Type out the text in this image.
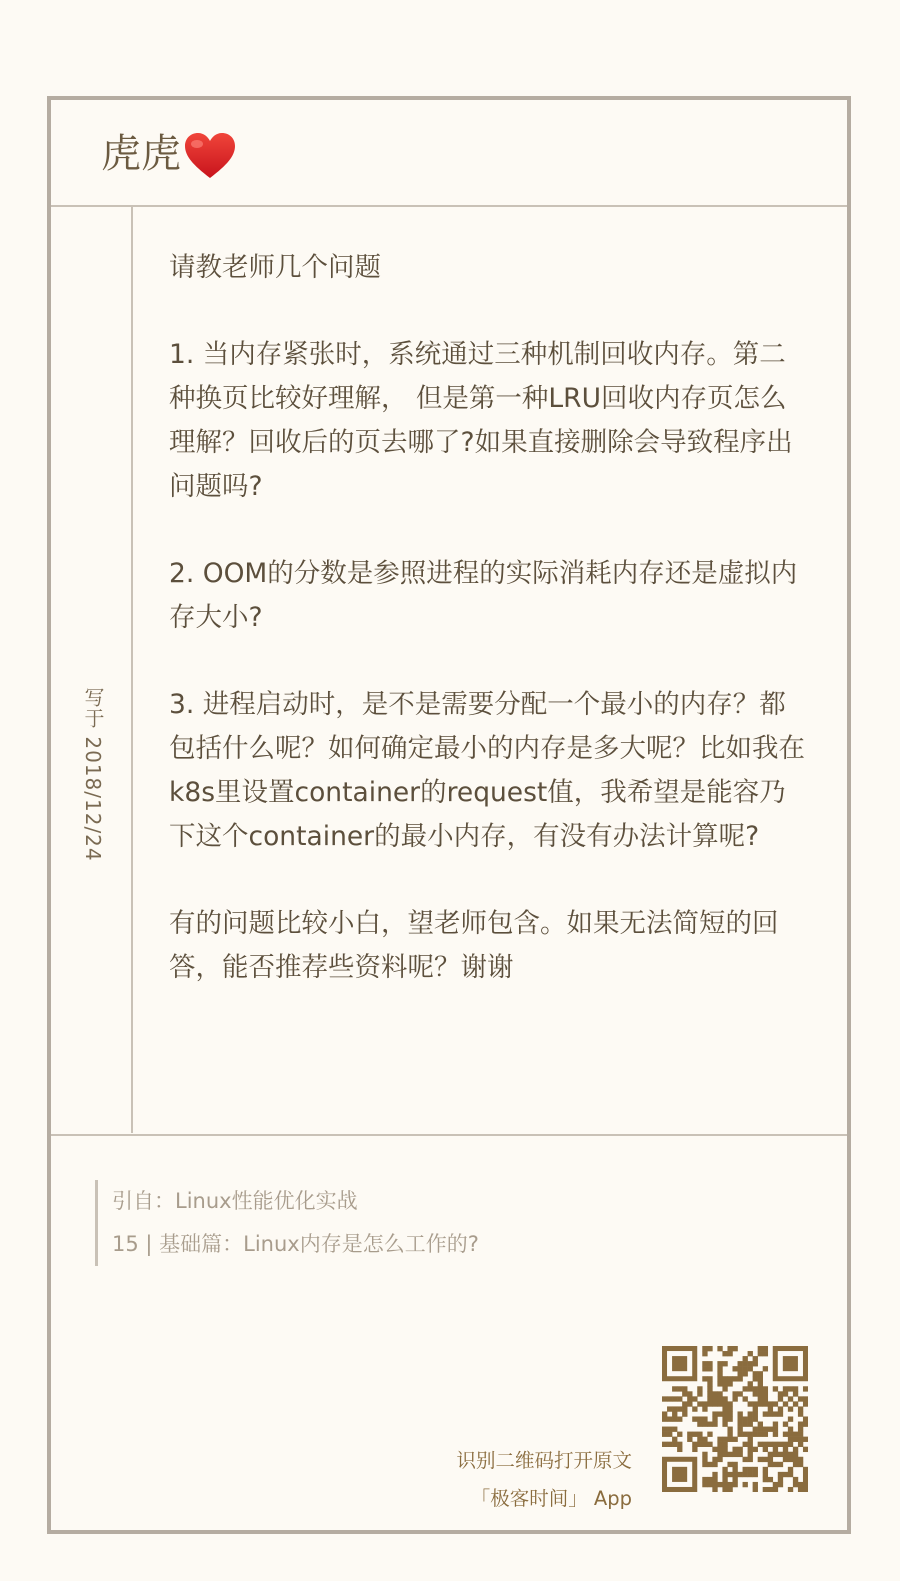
虎虎
写于 2018/12/24

请教老师几个问题

1. 当内存紧张时，系统通过三种机制回收内存。第二种换页比较好理解， 但是第一种LRU回收内存页怎么理解？回收后的页去哪了?如果直接删除会导致程序出问题吗?

2. OOM的分数是参照进程的实际消耗内存还是虚拟内存大小?

3. 进程启动时，是不是需要分配一个最小的内存？都包括什么呢？如何确定最小的内存是多大呢？比如我在k8s里设置container的request值，我希望是能容乃下这个container的最小内存，有没有办法计算呢?

有的问题比较小白，望老师包含。如果无法简短的回答，能否推荐些资料呢？谢谢

引自：Linux性能优化实战
15 | 基础篇：Linux内存是怎么工作的?
识别二维码打开原文
「极客时间」 App
